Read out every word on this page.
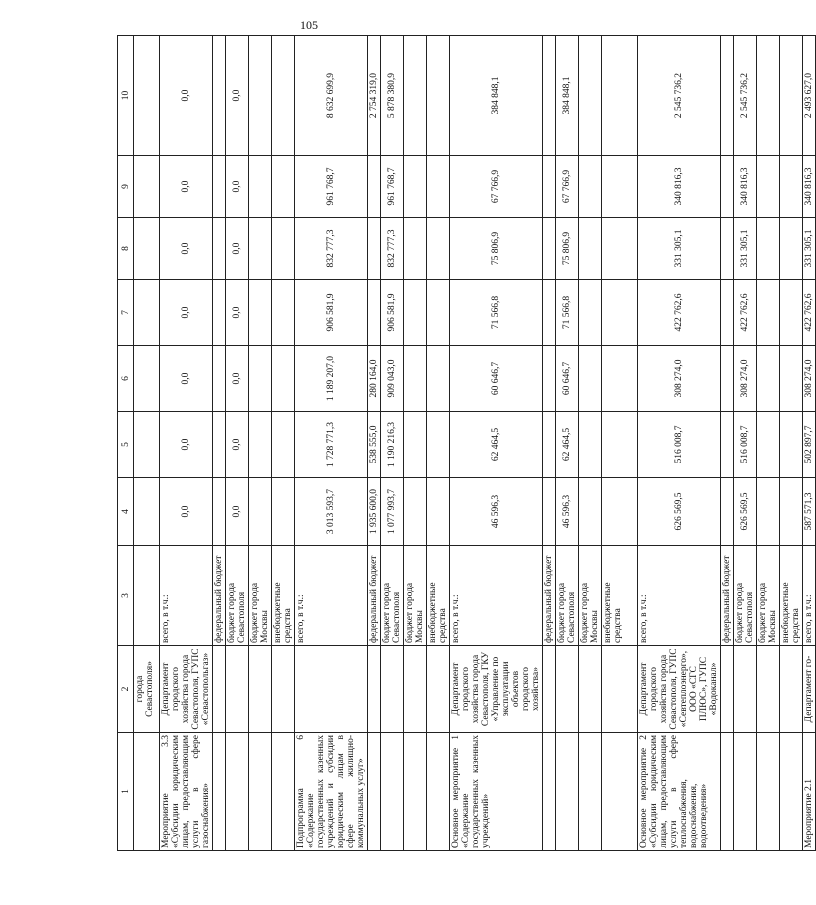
105
1	2	3	4	5	6	7	8	9	10
	города Севастополя»								
Мероприятие 3.3 «Субсидии юридическим лицам, предоставляющим услуги в сфере газоснабжения»	Департамент городского хозяйства города Севастополя, ГУПС «Севастопольгаз»	всего, в т.ч.:	0,0	0,0	0,0	0,0	0,0	0,0	0,0
		федеральный бюджет							
		бюджет города Севастополя	0,0	0,0	0,0	0,0	0,0	0,0	0,0
		бюджет города Москвы							
		внебюджетные средства							
Подпрограмма 6 «Содержание государственных казенных учреждений и субсидии юридическим лицам в сфере жилищно-коммунальных услуг»		всего, в т.ч.:	3 013 593,7	1 728 771,3	1 189 207,0	906 581,9	832 777,3	961 768,7	8 632 699,9
		федеральный бюджет	1 935 600,0	538 555,0	280 164,0				2 754 319,0
		бюджет города Севастополя	1 077 993,7	1 190 216,3	909 043,0	906 581,9	832 777,3	961 768,7	5 878 380,9
		бюджет города Москвы							
		внебюджетные средства							
Основное мероприятие 1 «Содержание государственных казенных учреждений»	Департамент городского хозяйства города Севастополя, ГКУ «Управление по эксплуатации объектов городского хозяйства»	всего, в т.ч.:	46 596,3	62 464,5	60 646,7	71 566,8	75 806,9	67 766,9	384 848,1
		федеральный бюджет							
		бюджет города Севастополя	46 596,3	62 464,5	60 646,7	71 566,8	75 806,9	67 766,9	384 848,1
		бюджет города Москвы							
		внебюджетные средства							
Основное мероприятие 2 «Субсидии юридическим лицам, предоставляющим услуги в сфере теплоснабжения, водоснабжения, водоотведения»	Департамент городского хозяйства города Севастополя, ГУПС «Севтеплоэнерго», ООО «СГС ПЛЮС», ГУПС «Водоканал»	всего, в т.ч.:	626 569,5	516 008,7	308 274,0	422 762,6	331 305,1	340 816,3	2 545 736,2
		федеральный бюджет							
		бюджет города Севастополя	626 569,5	516 008,7	308 274,0	422 762,6	331 305,1	340 816,3	2 545 736,2
		бюджет города Москвы							
		внебюджетные средства							
Мероприятие 2.1	Департамент го-	всего, в т.ч.:	587 571,3	502 897,7	308 274,0	422 762,6	331 305,1	340 816,3	2 493 627,0
